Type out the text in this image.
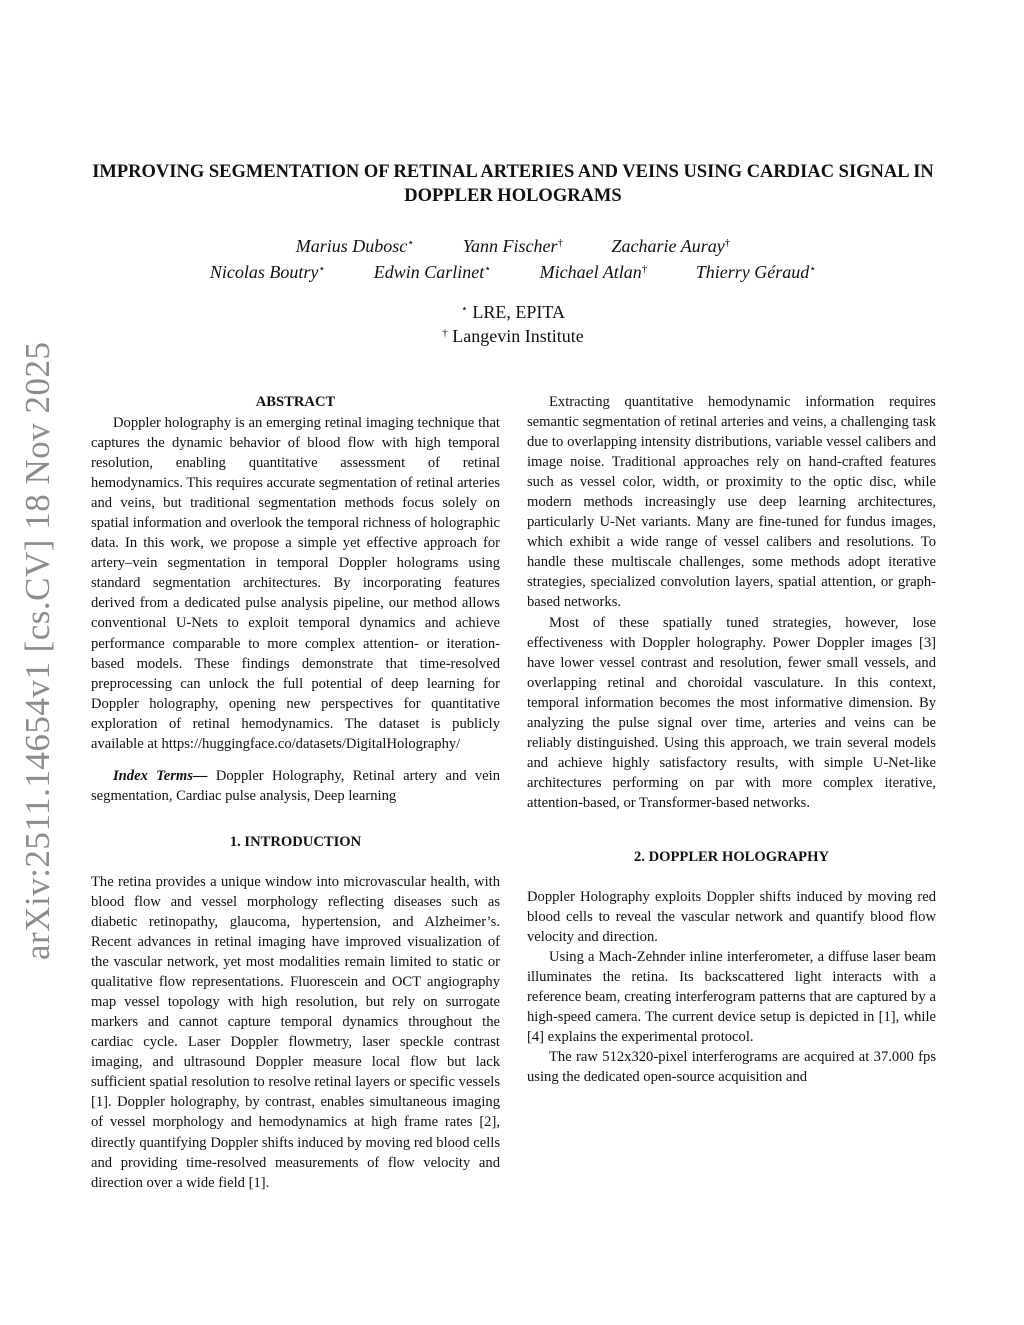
arXiv:2511.14654v1 [cs.CV] 18 Nov 2025
IMPROVING SEGMENTATION OF RETINAL ARTERIES AND VEINS USING CARDIAC SIGNAL IN DOPPLER HOLOGRAMS
Marius Dubosc⋆	Yann Fischer†	Zacharie Auray†
Nicolas Boutry⋆	Edwin Carlinet⋆	Michael Atlan†	Thierry Géraud⋆
⋆ LRE, EPITA
† Langevin Institute
ABSTRACT

Doppler holography is an emerging retinal imaging technique that captures the dynamic behavior of blood flow with high temporal resolution, enabling quantitative assessment of retinal hemodynamics. This requires accurate segmentation of retinal arteries and veins, but traditional segmentation methods focus solely on spatial information and overlook the temporal richness of holographic data. In this work, we propose a simple yet effective approach for artery–vein segmentation in temporal Doppler holograms using standard segmentation architectures. By incorporating features derived from a dedicated pulse analysis pipeline, our method allows conventional U-Nets to exploit temporal dynamics and achieve performance comparable to more complex attention- or iteration-based models. These findings demonstrate that time-resolved preprocessing can unlock the full potential of deep learning for Doppler holography, opening new perspectives for quantitative exploration of retinal hemodynamics. The dataset is publicly available at https://huggingface.co/datasets/DigitalHolography/

Index Terms— Doppler Holography, Retinal artery and vein segmentation, Cardiac pulse analysis, Deep learning

1. INTRODUCTION

The retina provides a unique window into microvascular health, with blood flow and vessel morphology reflecting diseases such as diabetic retinopathy, glaucoma, hypertension, and Alzheimer’s. Recent advances in retinal imaging have improved visualization of the vascular network, yet most modalities remain limited to static or qualitative flow representations. Fluorescein and OCT angiography map vessel topology with high resolution, but rely on surrogate markers and cannot capture temporal dynamics throughout the cardiac cycle. Laser Doppler flowmetry, laser speckle contrast imaging, and ultrasound Doppler measure local flow but lack sufficient spatial resolution to resolve retinal layers or specific vessels [1]. Doppler holography, by contrast, enables simultaneous imaging of vessel morphology and hemodynamics at high frame rates [2], directly quantifying Doppler shifts induced by moving red blood cells and providing time-resolved measurements of flow velocity and direction over a wide field [1].

Extracting quantitative hemodynamic information requires semantic segmentation of retinal arteries and veins, a challenging task due to overlapping intensity distributions, variable vessel calibers and image noise. Traditional approaches rely on hand-crafted features such as vessel color, width, or proximity to the optic disc, while modern methods increasingly use deep learning architectures, particularly U-Net variants. Many are fine-tuned for fundus images, which exhibit a wide range of vessel calibers and resolutions. To handle these multiscale challenges, some methods adopt iterative strategies, specialized convolution layers, spatial attention, or graph-based networks.

Most of these spatially tuned strategies, however, lose effectiveness with Doppler holography. Power Doppler images [3] have lower vessel contrast and resolution, fewer small vessels, and overlapping retinal and choroidal vasculature. In this context, temporal information becomes the most informative dimension. By analyzing the pulse signal over time, arteries and veins can be reliably distinguished. Using this approach, we train several models and achieve highly satisfactory results, with simple U-Net-like architectures performing on par with more complex iterative, attention-based, or Transformer-based networks.

2. DOPPLER HOLOGRAPHY

Doppler Holography exploits Doppler shifts induced by moving red blood cells to reveal the vascular network and quantify blood flow velocity and direction.

Using a Mach-Zehnder inline interferometer, a diffuse laser beam illuminates the retina. Its backscattered light interacts with a reference beam, creating interferogram patterns that are captured by a high-speed camera. The current device setup is depicted in [1], while [4] explains the experimental protocol.

The raw 512x320-pixel interferograms are acquired at 37.000 fps using the dedicated open-source acquisition and
